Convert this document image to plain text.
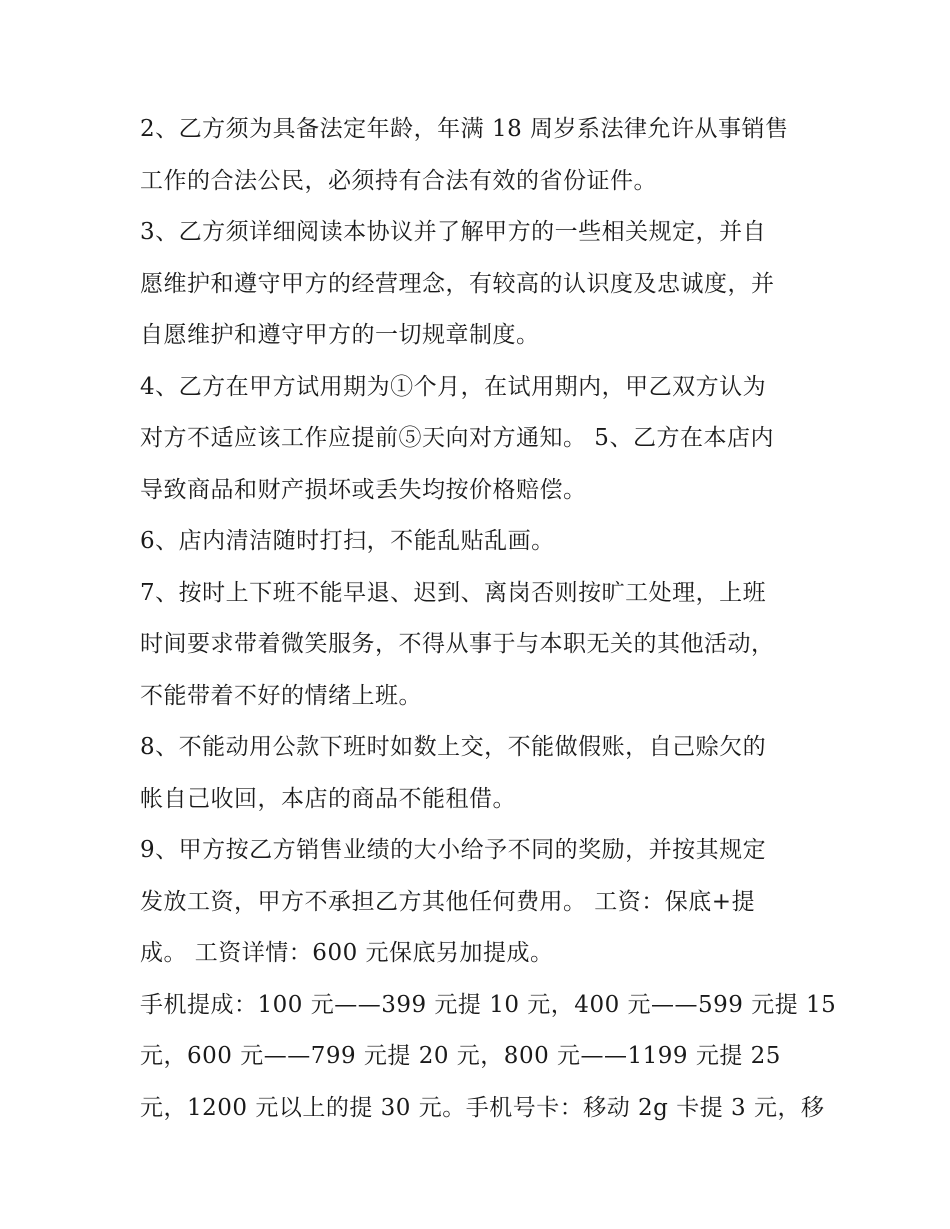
2、乙方须为具备法定年龄，年满 18 周岁系法律允许从事销售
工作的合法公民，必须持有合法有效的省份证件。
3、乙方须详细阅读本协议并了解甲方的一些相关规定，并自
愿维护和遵守甲方的经营理念，有较高的认识度及忠诚度，并
自愿维护和遵守甲方的一切规章制度。
4、乙方在甲方试用期为①个月，在试用期内，甲乙双方认为
对方不适应该工作应提前⑤天向对方通知。 5、乙方在本店内
导致商品和财产损坏或丢失均按价格赔偿。
6、店内清洁随时打扫，不能乱贴乱画。
7、按时上下班不能早退、迟到、离岗否则按旷工处理，上班
时间要求带着微笑服务，不得从事于与本职无关的其他活动，
不能带着不好的情绪上班。
8、不能动用公款下班时如数上交，不能做假账，自己赊欠的
帐自己收回，本店的商品不能租借。
9、甲方按乙方销售业绩的大小给予不同的奖励，并按其规定
发放工资，甲方不承担乙方其他任何费用。 工资：保底+提
成。 工资详情：600 元保底另加提成。
手机提成：100 元——399 元提 10 元，400 元——599 元提 15
元，600 元——799 元提 20 元，800 元——1199 元提 25
元，1200 元以上的提 30 元。手机号卡：移动 2g 卡提 3 元，移
